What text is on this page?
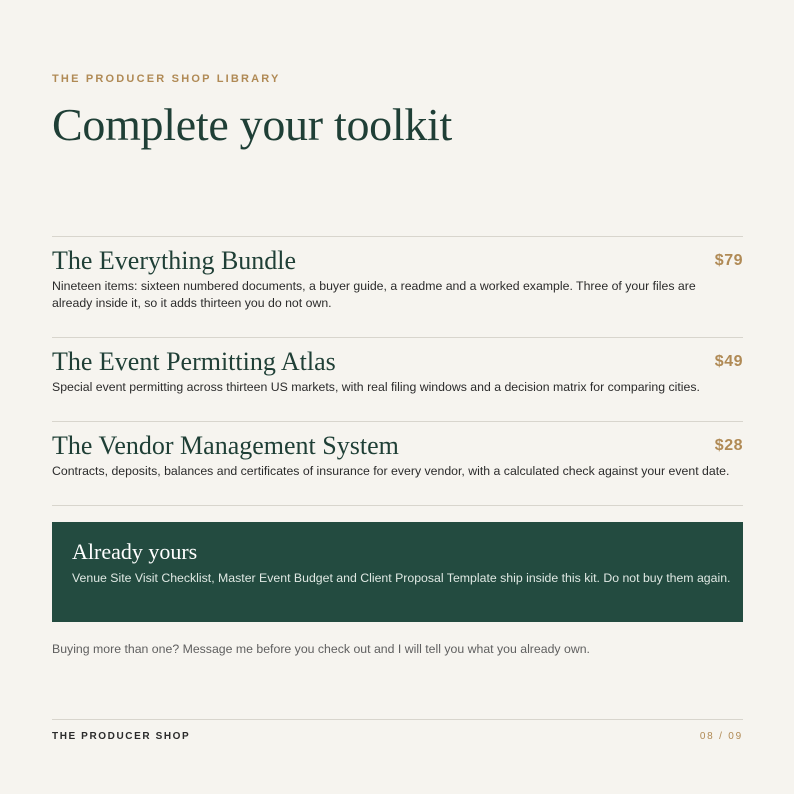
THE PRODUCER SHOP LIBRARY
Complete your toolkit
The Everything Bundle	$79
Nineteen items: sixteen numbered documents, a buyer guide, a readme and a worked example. Three of your files are already inside it, so it adds thirteen you do not own.
The Event Permitting Atlas	$49
Special event permitting across thirteen US markets, with real filing windows and a decision matrix for comparing cities.
The Vendor Management System	$28
Contracts, deposits, balances and certificates of insurance for every vendor, with a calculated check against your event date.
Already yours
Venue Site Visit Checklist, Master Event Budget and Client Proposal Template ship inside this kit. Do not buy them again.
Buying more than one? Message me before you check out and I will tell you what you already own.
THE PRODUCER SHOP	08 / 09
